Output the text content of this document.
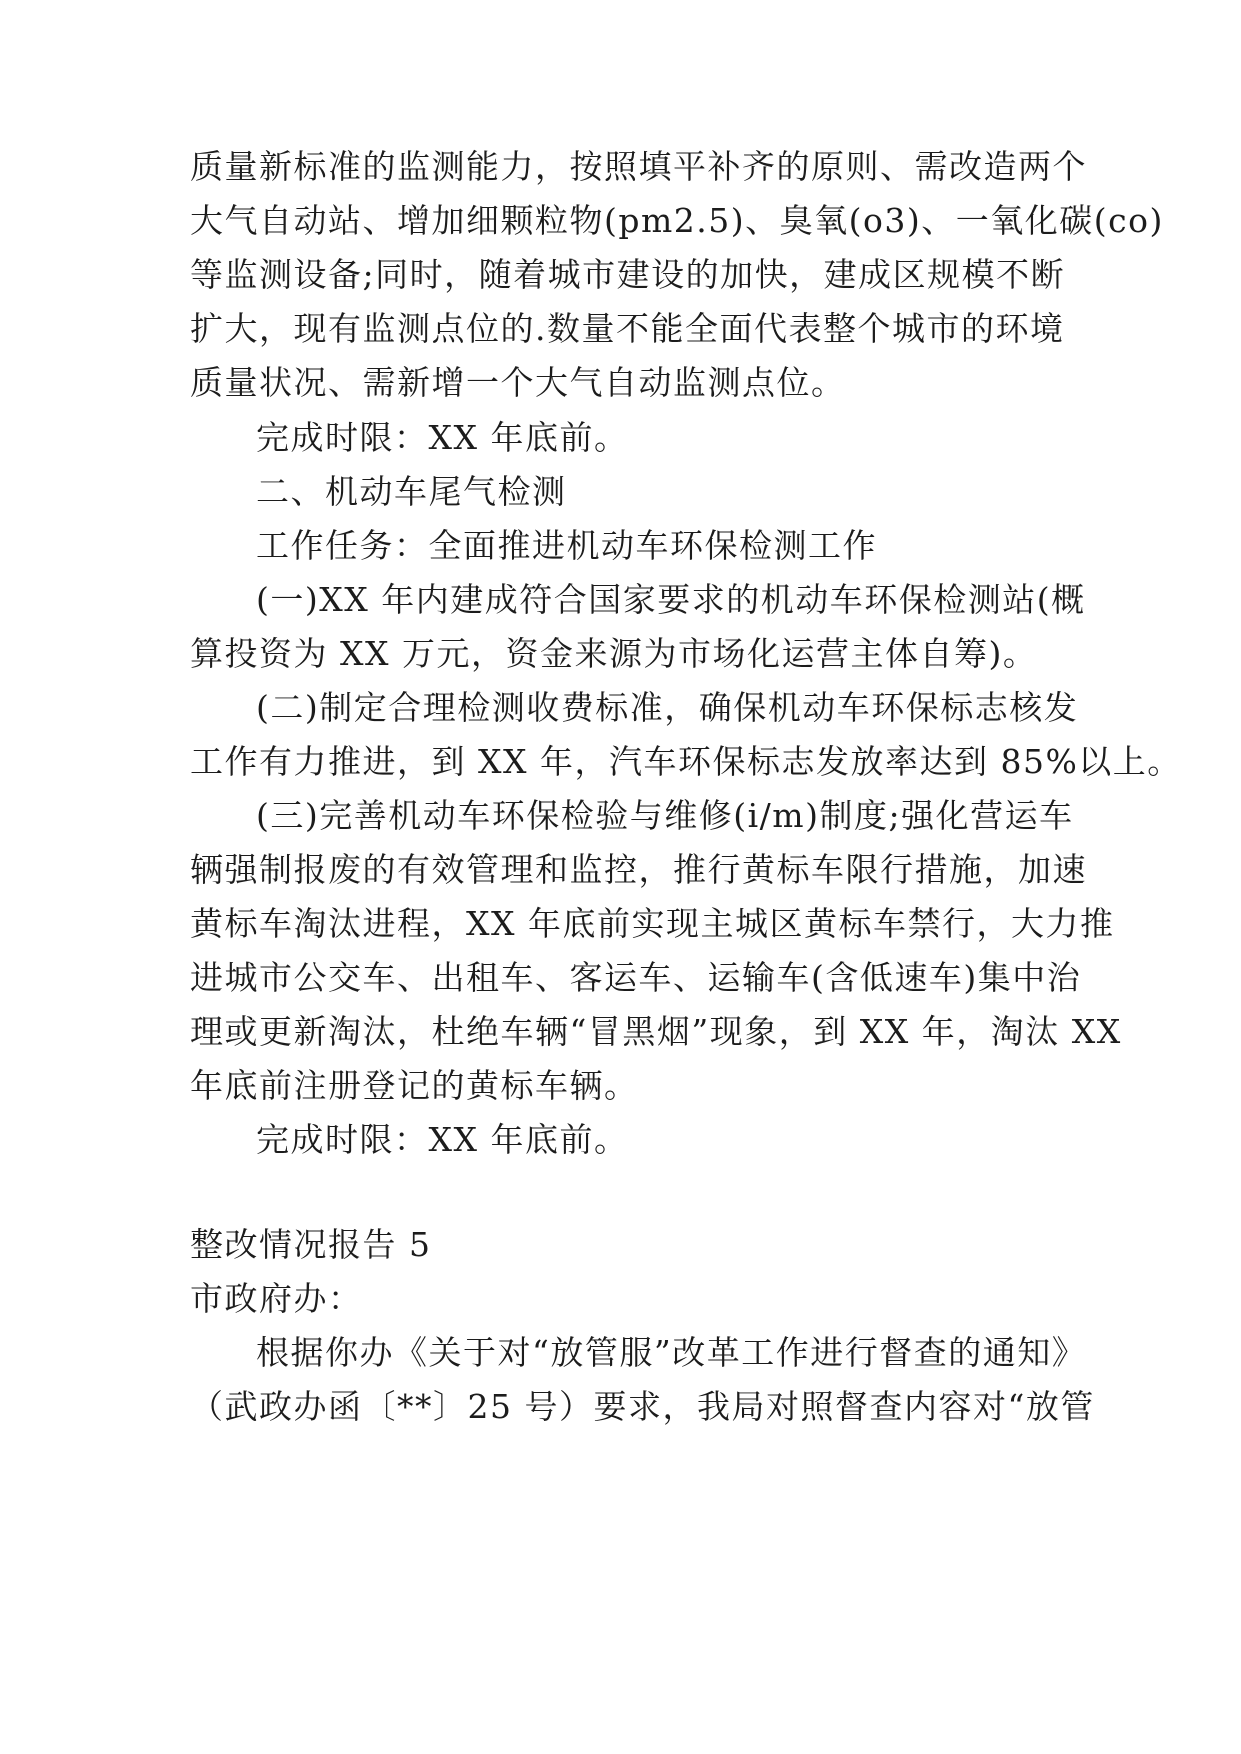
质量新标准的监测能力，按照填平补齐的原则、需改造两个
大气自动站、增加细颗粒物(pm2.5)、臭氧(o3)、一氧化碳(co)
等监测设备;同时，随着城市建设的加快，建成区规模不断
扩大，现有监测点位的.数量不能全面代表整个城市的环境
质量状况、需新增一个大气自动监测点位。
完成时限：XX 年底前。
二、机动车尾气检测
工作任务：全面推进机动车环保检测工作
(一)XX 年内建成符合国家要求的机动车环保检测站(概
算投资为 XX 万元，资金来源为市场化运营主体自筹)。
(二)制定合理检测收费标准，确保机动车环保标志核发
工作有力推进，到 XX 年，汽车环保标志发放率达到 85%以上。
(三)完善机动车环保检验与维修(i/m)制度;强化营运车
辆强制报废的有效管理和监控，推行黄标车限行措施，加速
黄标车淘汰进程，XX 年底前实现主城区黄标车禁行，大力推
进城市公交车、出租车、客运车、运输车(含低速车)集中治
理或更新淘汰，杜绝车辆“冒黑烟”现象，到 XX 年，淘汰 XX
年底前注册登记的黄标车辆。
完成时限：XX 年底前。
整改情况报告 5
市政府办：
根据你办《关于对“放管服”改革工作进行督查的通知》
（武政办函〔**〕25 号）要求，我局对照督查内容对“放管
